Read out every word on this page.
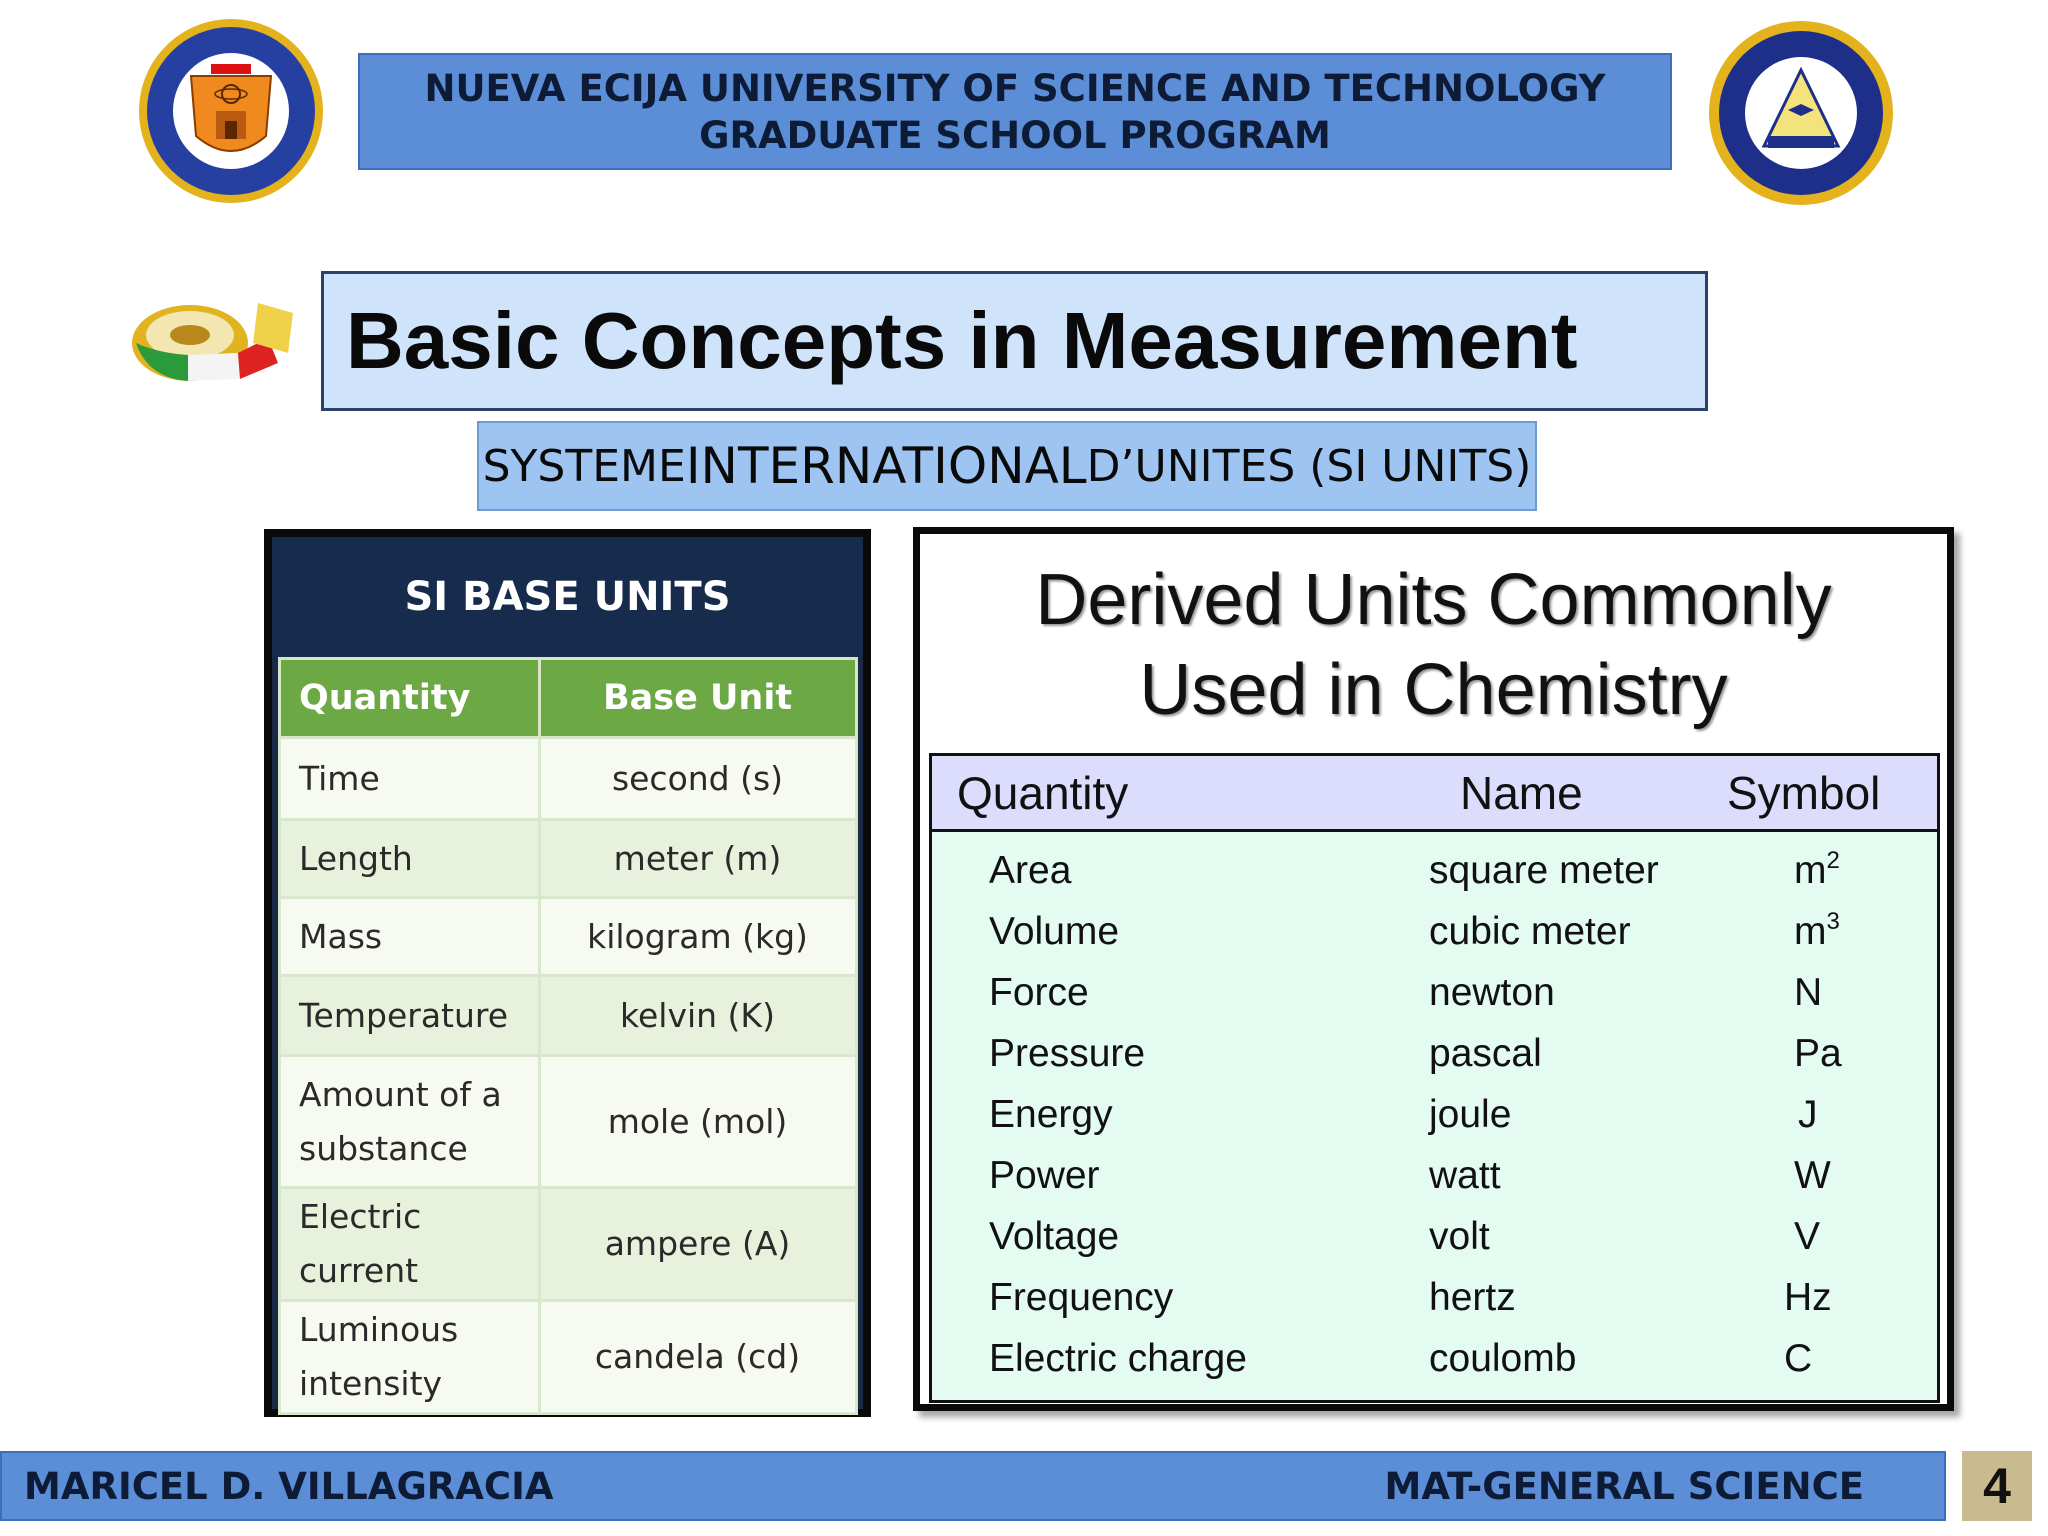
NUEVA ECIJA UNIVERSITY OF SCIENCE AND TECHNOLOGY
GRADUATE SCHOOL PROGRAM
Basic Concepts in Measurement
SYSTEME INTERNATIONAL D’UNITES (SI UNITS)
SI BASE UNITS
Quantity	Base Unit
Time	second (s)
Length	meter (m)
Mass	kilogram (kg)
Temperature	kelvin (K)
Amount of a substance	mole (mol)
Electric current	ampere (A)
Luminous intensity	candela (cd)
Derived Units Commonly
Used in Chemistry
Quantity	Name	Symbol
Area	square meter	$m^2$
Volume	cubic meter	$m^3$
Force	newton	N
Pressure	pascal	Pa
Energy	joule	J
Power	watt	W
Voltage	volt	V
Frequency	hertz	Hz
Electric charge	coulomb	C
MARICEL D. VILLAGRACIA	MAT-GENERAL SCIENCE	4
